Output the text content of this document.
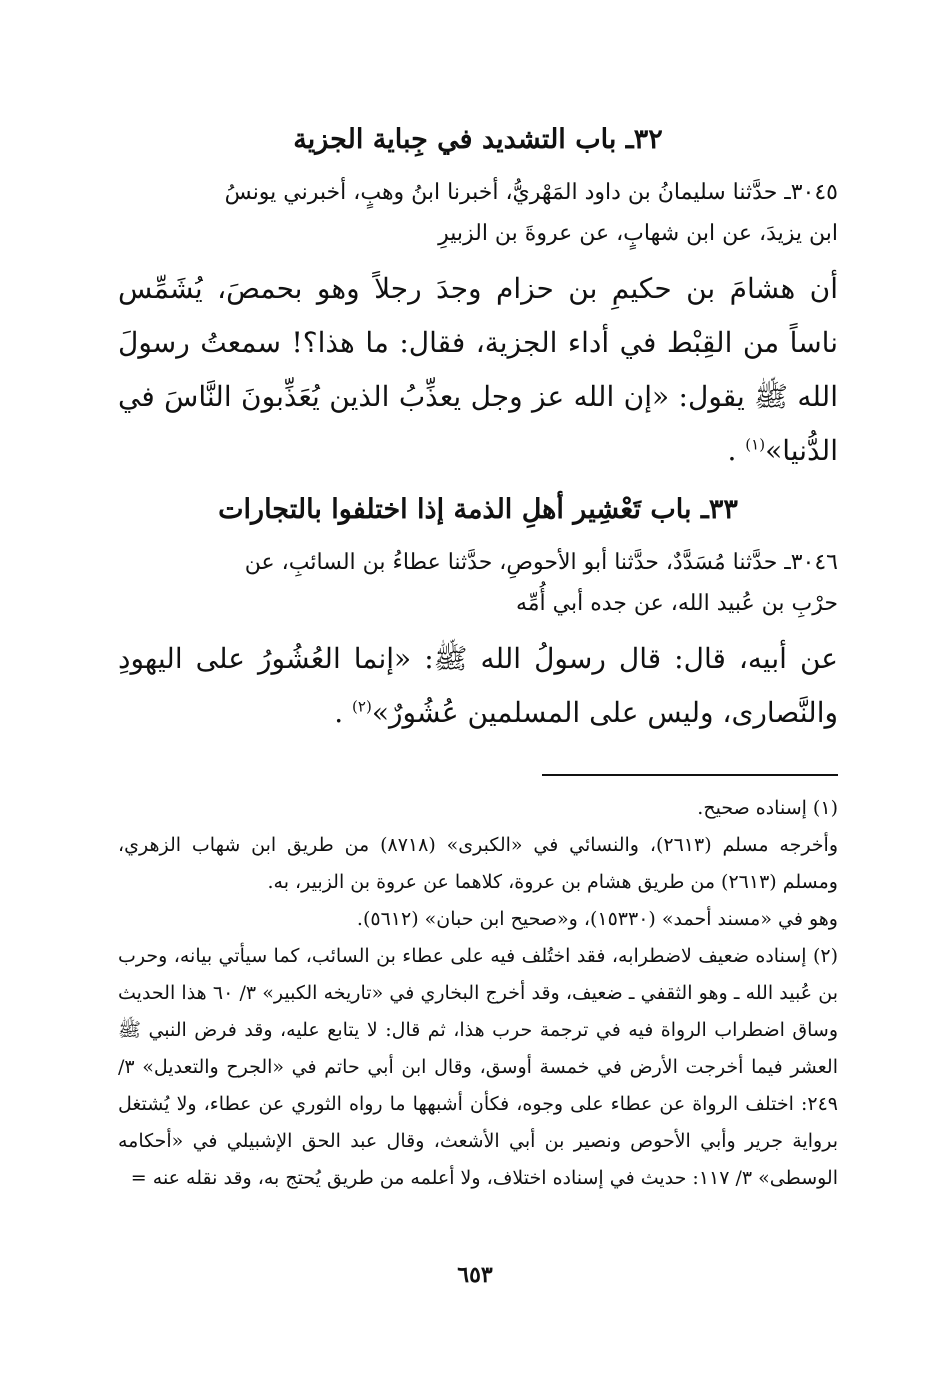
٣٢ـ باب التشديد في جِباية الجزية

٣٠٤٥ـ حدَّثنا سليمانُ بن داود المَهْريُّ، أخبرنا ابنُ وهبٍ، أخبرني يونسُ

ابن يزيدَ، عن ابن شهابٍ، عن عروةَ بن الزبيرِ

أن هشامَ بن حكيمِ بن حزام وجدَ رجلاً وهو بحمصَ، يُشَمِّس ناساً من القِبْط في أداء الجزية، فقال: ما هذا؟! سمعتُ رسولَ الله ﷺ يقول: «إن الله عز وجل يعذِّبُ الذين يُعَذِّبونَ النَّاسَ في الدُّنيا»$^{(١)}$ .

٣٣ـ باب تَعْشِير أهلِ الذمة إذا اختلفوا بالتجارات

٣٠٤٦ـ حدَّثنا مُسَدَّدٌ، حدَّثنا أبو الأحوصِ، حدَّثنا عطاءُ بن السائبِ، عن

حرْبِ بن عُبيد الله، عن جده أبي أُمِّه

عن أبيه، قال: قال رسولُ الله ﷺ: «إنما العُشُورُ على اليهودِ والنَّصارى، وليس على المسلمين عُشُورٌ»$^{(٢)}$ .

(١) إسناده صحيح.

وأخرجه مسلم (٢٦١٣)، والنسائي في «الكبرى» (٨٧١٨) من طريق ابن شهاب الزهري، ومسلم (٢٦١٣) من طريق هشام بن عروة، كلاهما عن عروة بن الزبير، به.

وهو في «مسند أحمد» (١٥٣٣٠)، و«صحيح ابن حبان» (٥٦١٢).

(٢) إسناده ضعيف لاضطرابه، فقد اختُلف فيه على عطاء بن السائب، كما سيأتي بيانه، وحرب بن عُبيد الله ـ وهو الثقفي ـ ضعيف، وقد أخرج البخاري في «تاريخه الكبير» ٣/ ٦٠ هذا الحديث وساق اضطراب الرواة فيه في ترجمة حرب هذا، ثم قال: لا يتابع عليه، وقد فرض النبي ﷺ العشر فيما أخرجت الأرض في خمسة أوسق، وقال ابن أبي حاتم في «الجرح والتعديل» ٣/ ٢٤٩: اختلف الرواة عن عطاء على وجوه، فكأن أشبهها ما رواه الثوري عن عطاء، ولا يُشتغل برواية جرير وأبي الأحوص ونصير بن أبي الأشعث، وقال عبد الحق الإشبيلي في «أحكامه الوسطى» ٣/ ١١٧: حديث في إسناده اختلاف، ولا أعلمه من طريق يُحتج به، وقد نقله عنه =

٦٥٣
